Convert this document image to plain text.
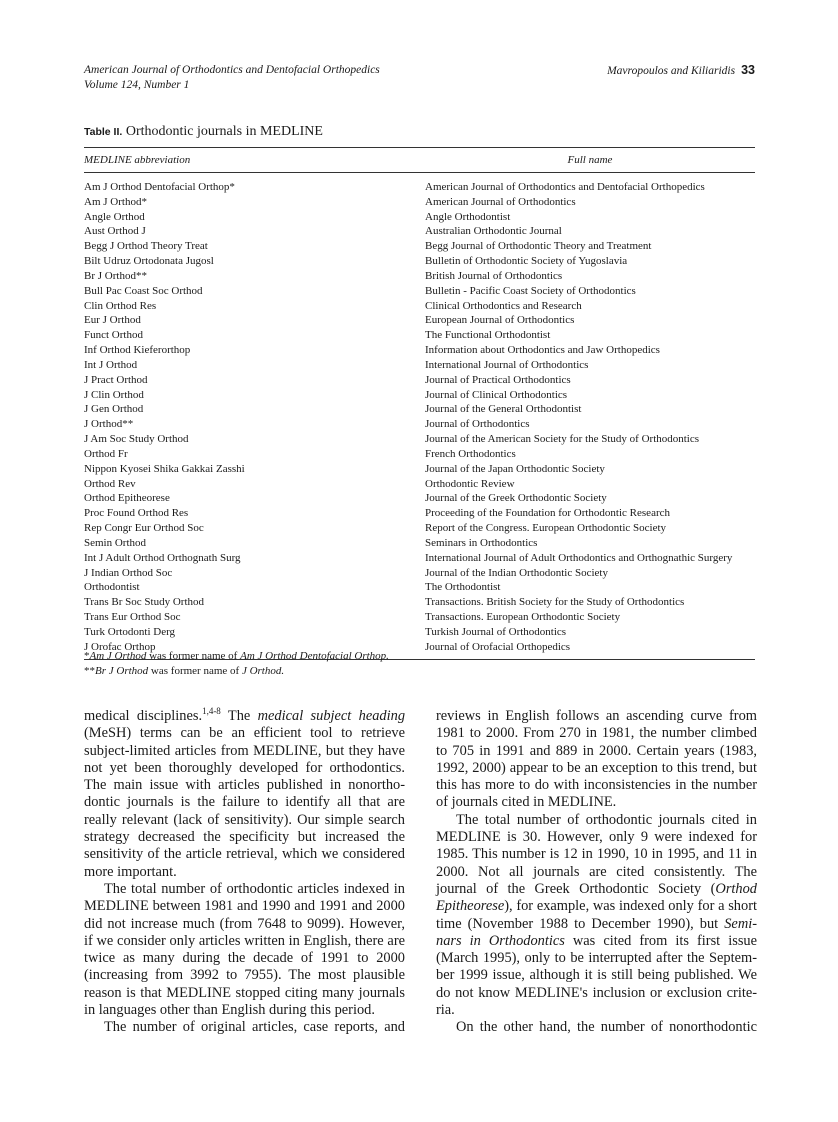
American Journal of Orthodontics and Dentofacial Orthopedics
Volume 124, Number 1
Mavropoulos and Kiliaridis 33
Table II. Orthodontic journals in MEDLINE
MEDLINE abbreviation	Full name
Am J Orthod Dentofacial Orthop*	American Journal of Orthodontics and Dentofacial Orthopedics
Am J Orthod*	American Journal of Orthodontics
Angle Orthod	Angle Orthodontist
Aust Orthod J	Australian Orthodontic Journal
Begg J Orthod Theory Treat	Begg Journal of Orthodontic Theory and Treatment
Bilt Udruz Ortodonata Jugosl	Bulletin of Orthodontic Society of Yugoslavia
Br J Orthod**	British Journal of Orthodontics
Bull Pac Coast Soc Orthod	Bulletin - Pacific Coast Society of Orthodontics
Clin Orthod Res	Clinical Orthodontics and Research
Eur J Orthod	European Journal of Orthodontics
Funct Orthod	The Functional Orthodontist
Inf Orthod Kieferorthop	Information about Orthodontics and Jaw Orthopedics
Int J Orthod	International Journal of Orthodontics
J Pract Orthod	Journal of Practical Orthodontics
J Clin Orthod	Journal of Clinical Orthodontics
J Gen Orthod	Journal of the General Orthodontist
J Orthod**	Journal of Orthodontics
J Am Soc Study Orthod	Journal of the American Society for the Study of Orthodontics
Orthod Fr	French Orthodontics
Nippon Kyosei Shika Gakkai Zasshi	Journal of the Japan Orthodontic Society
Orthod Rev	Orthodontic Review
Orthod Epitheorese	Journal of the Greek Orthodontic Society
Proc Found Orthod Res	Proceeding of the Foundation for Orthodontic Research
Rep Congr Eur Orthod Soc	Report of the Congress. European Orthodontic Society
Semin Orthod	Seminars in Orthodontics
Int J Adult Orthod Orthognath Surg	International Journal of Adult Orthodontics and Orthognathic Surgery
J Indian Orthod Soc	Journal of the Indian Orthodontic Society
Orthodontist	The Orthodontist
Trans Br Soc Study Orthod	Transactions. British Society for the Study of Orthodontics
Trans Eur Orthod Soc	Transactions. European Orthodontic Society
Turk Ortodonti Derg	Turkish Journal of Orthodontics
J Orofac Orthop	Journal of Orofacial Orthopedics
*Am J Orthod was former name of Am J Orthod Dentofacial Orthop.
**Br J Orthod was former name of J Orthod.
medical disciplines.$^{1,4-8}$ The medical subject heading
(MeSH) terms can be an efficient tool to retrieve
subject-limited articles from MEDLINE, but they have
not yet been thoroughly developed for orthodontics.
The main issue with articles published in nonortho-
dontic journals is the failure to identify all that are
really relevant (lack of sensitivity). Our simple search
strategy decreased the specificity but increased the
sensitivity of the article retrieval, which we considered
more important.
The total number of orthodontic articles indexed in
MEDLINE between 1981 and 1990 and 1991 and 2000
did not increase much (from 7648 to 9099). However,
if we consider only articles written in English, there are
twice as many during the decade of 1991 to 2000
(increasing from 3992 to 7955). The most plausible
reason is that MEDLINE stopped citing many journals
in languages other than English during this period.
The number of original articles, case reports, and
reviews in English follows an ascending curve from
1981 to 2000. From 270 in 1981, the number climbed
to 705 in 1991 and 889 in 2000. Certain years (1983,
1992, 2000) appear to be an exception to this trend, but
this has more to do with inconsistencies in the number
of journals cited in MEDLINE.
The total number of orthodontic journals cited in
MEDLINE is 30. However, only 9 were indexed for
1985. This number is 12 in 1990, 10 in 1995, and 11 in
2000. Not all journals are cited consistently. The
journal of the Greek Orthodontic Society (Orthod
Epitheorese), for example, was indexed only for a short
time (November 1988 to December 1990), but Semi-
nars in Orthodontics was cited from its first issue
(March 1995), only to be interrupted after the Septem-
ber 1999 issue, although it is still being published. We
do not know MEDLINE's inclusion or exclusion crite-
ria.
On the other hand, the number of nonorthodontic
